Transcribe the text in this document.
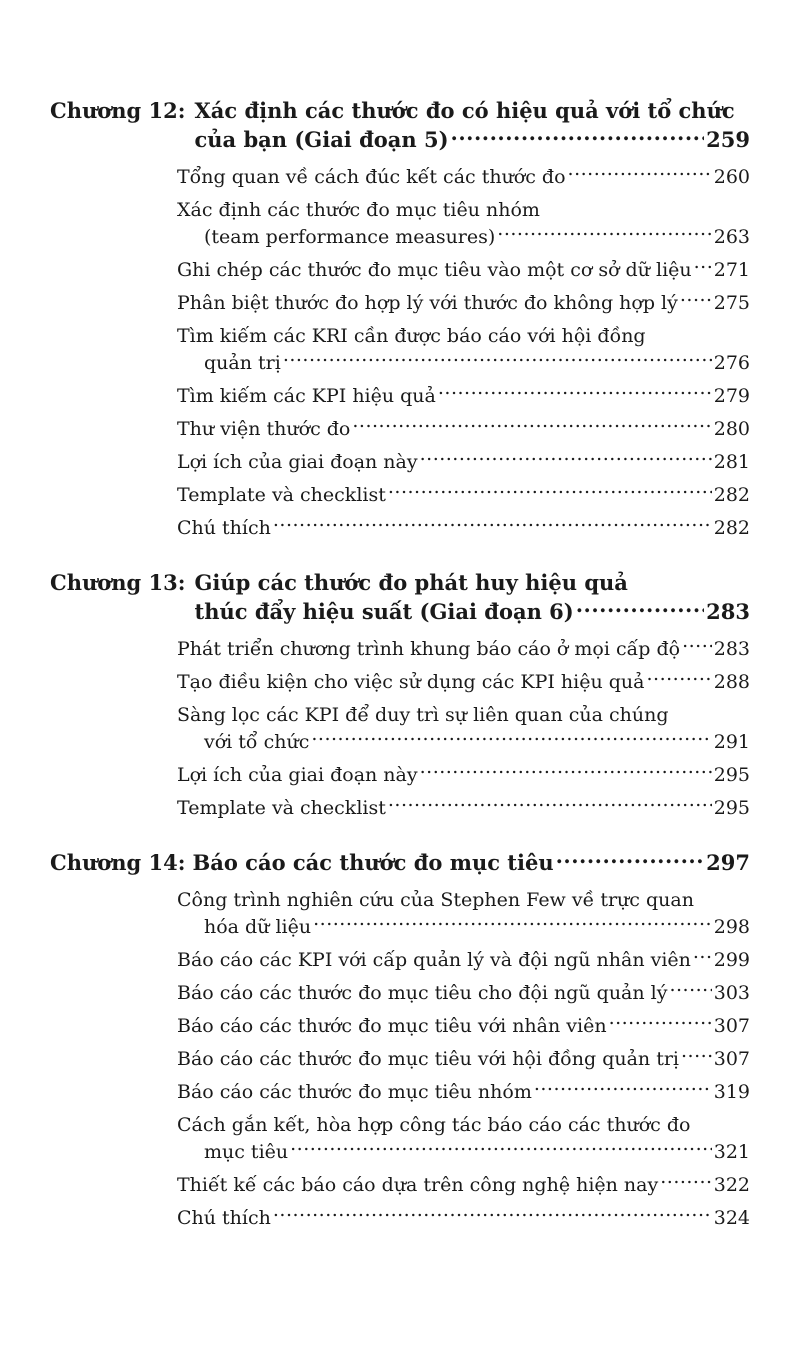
Chương 12: Xác định các thước đo có hiệu quả với tổ chức
của bạn (Giai đoạn 5) .....	259
Tổng quan về cách đúc kết các thước đo .....	260
Xác định các thước đo mục tiêu nhóm
(team performance measures) .....	263
Ghi chép các thước đo mục tiêu vào một cơ sở dữ liệu ..... 271
Phân biệt thước đo hợp lý với thước đo không hợp lý ..... 275
Tìm kiếm các KRI cần được báo cáo với hội đồng
quản trị .....	276
Tìm kiếm các KPI hiệu quả .....	279
Thư viện thước đo .....	280
Lợi ích của giai đoạn này .....	281
Template và checklist .....	282
Chú thích .....	282
Chương 13: Giúp các thước đo phát huy hiệu quả
thúc đẩy hiệu suất (Giai đoạn 6) .....	283
Phát triển chương trình khung báo cáo ở mọi cấp độ ..... 283
Tạo điều kiện cho việc sử dụng các KPI hiệu quả .....	288
Sàng lọc các KPI để duy trì sự liên quan của chúng
với tổ chức .....	291
Lợi ích của giai đoạn này .....	295
Template và checklist .....	295
Chương 14: Báo cáo các thước đo mục tiêu .....	297
Công trình nghiên cứu của Stephen Few về trực quan
hóa dữ liệu .....	298
Báo cáo các KPI với cấp quản lý và đội ngũ nhân viên ..... 299
Báo cáo các thước đo mục tiêu cho đội ngũ quản lý ..... 303
Báo cáo các thước đo mục tiêu với nhân viên .....	307
Báo cáo các thước đo mục tiêu với hội đồng quản trị ..... 307
Báo cáo các thước đo mục tiêu nhóm .....	319
Cách gắn kết, hòa hợp công tác báo cáo các thước đo
mục tiêu .....	321
Thiết kế các báo cáo dựa trên công nghệ hiện nay .....	322
Chú thích .....	324
